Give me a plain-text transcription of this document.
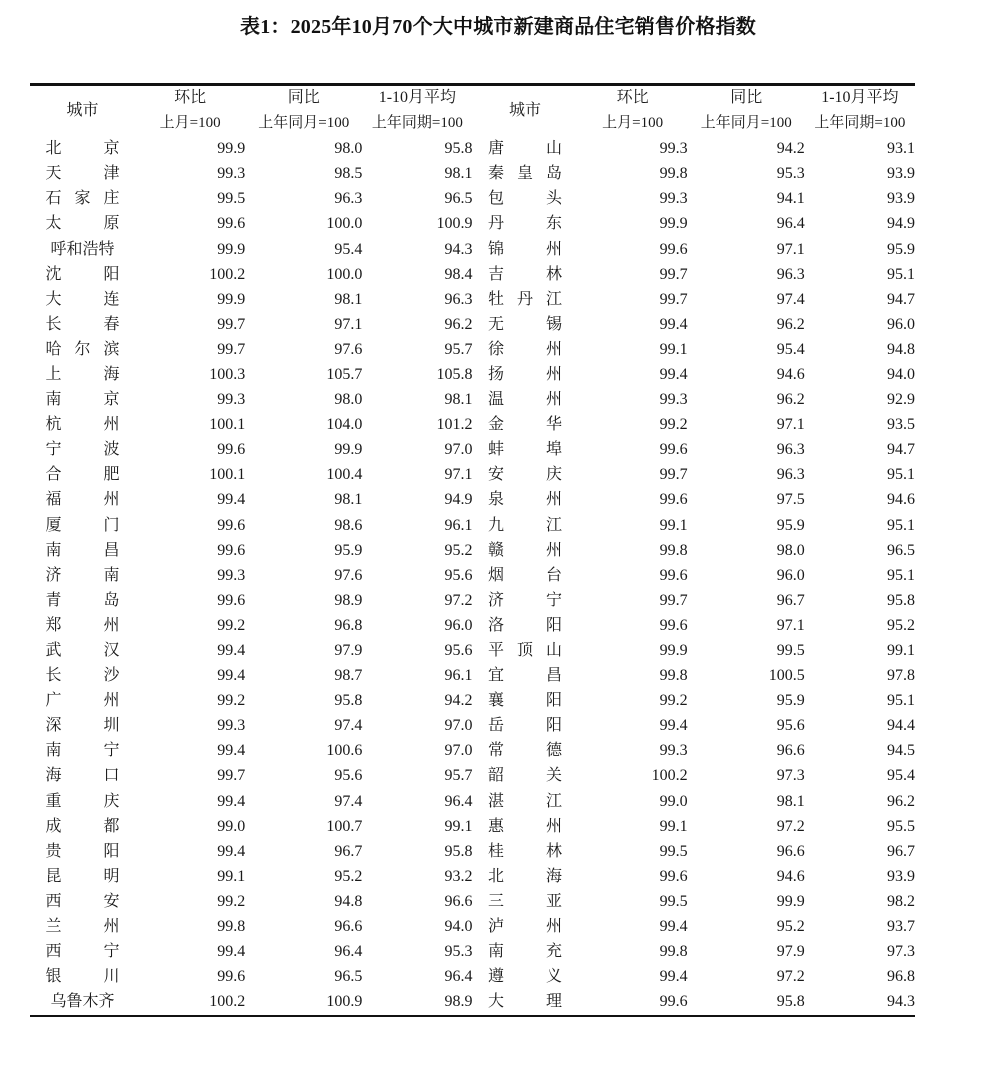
表1：2025年10月70个大中城市新建商品住宅销售价格指数
城市	环比	同比	1-10月平均	城市	环比	同比	1-10月平均
	上月=100	上年同月=100	上年同期=100		上月=100	上年同月=100	上年同期=100
北京	99.9	98.0	95.8	唐山	99.3	94.2	93.1
天津	99.3	98.5	98.1	秦皇岛	99.8	95.3	93.9
石家庄	99.5	96.3	96.5	包头	99.3	94.1	93.9
太原	99.6	100.0	100.9	丹东	99.9	96.4	94.9
呼和浩特	99.9	95.4	94.3	锦州	99.6	97.1	95.9
沈阳	100.2	100.0	98.4	吉林	99.7	96.3	95.1
大连	99.9	98.1	96.3	牡丹江	99.7	97.4	94.7
长春	99.7	97.1	96.2	无锡	99.4	96.2	96.0
哈尔滨	99.7	97.6	95.7	徐州	99.1	95.4	94.8
上海	100.3	105.7	105.8	扬州	99.4	94.6	94.0
南京	99.3	98.0	98.1	温州	99.3	96.2	92.9
杭州	100.1	104.0	101.2	金华	99.2	97.1	93.5
宁波	99.6	99.9	97.0	蚌埠	99.6	96.3	94.7
合肥	100.1	100.4	97.1	安庆	99.7	96.3	95.1
福州	99.4	98.1	94.9	泉州	99.6	97.5	94.6
厦门	99.6	98.6	96.1	九江	99.1	95.9	95.1
南昌	99.6	95.9	95.2	赣州	99.8	98.0	96.5
济南	99.3	97.6	95.6	烟台	99.6	96.0	95.1
青岛	99.6	98.9	97.2	济宁	99.7	96.7	95.8
郑州	99.2	96.8	96.0	洛阳	99.6	97.1	95.2
武汉	99.4	97.9	95.6	平顶山	99.9	99.5	99.1
长沙	99.4	98.7	96.1	宜昌	99.8	100.5	97.8
广州	99.2	95.8	94.2	襄阳	99.2	95.9	95.1
深圳	99.3	97.4	97.0	岳阳	99.4	95.6	94.4
南宁	99.4	100.6	97.0	常德	99.3	96.6	94.5
海口	99.7	95.6	95.7	韶关	100.2	97.3	95.4
重庆	99.4	97.4	96.4	湛江	99.0	98.1	96.2
成都	99.0	100.7	99.1	惠州	99.1	97.2	95.5
贵阳	99.4	96.7	95.8	桂林	99.5	96.6	96.7
昆明	99.1	95.2	93.2	北海	99.6	94.6	93.9
西安	99.2	94.8	96.6	三亚	99.5	99.9	98.2
兰州	99.8	96.6	94.0	泸州	99.4	95.2	93.7
西宁	99.4	96.4	95.3	南充	99.8	97.9	97.3
银川	99.6	96.5	96.4	遵义	99.4	97.2	96.8
乌鲁木齐	100.2	100.9	98.9	大理	99.6	95.8	94.3
